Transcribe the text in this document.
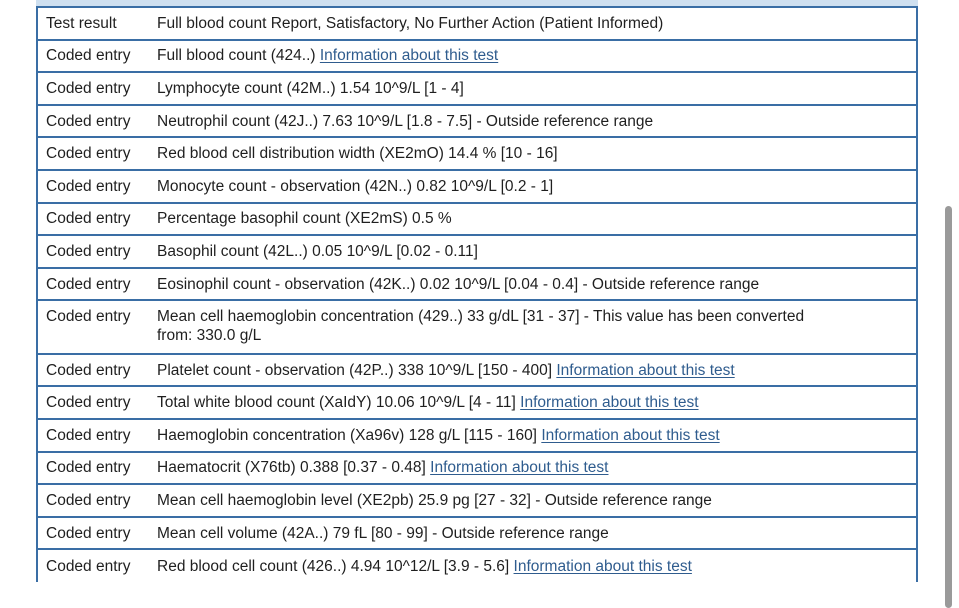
Test result	Full blood count Report, Satisfactory, No Further Action (Patient Informed)
Coded entry	Full blood count (424..) Information about this test
Coded entry	Lymphocyte count (42M..) 1.54 10^9/L [1 - 4]
Coded entry	Neutrophil count (42J..) 7.63 10^9/L [1.8 - 7.5] - Outside reference range
Coded entry	Red blood cell distribution width (XE2mO) 14.4 % [10 - 16]
Coded entry	Monocyte count - observation (42N..) 0.82 10^9/L [0.2 - 1]
Coded entry	Percentage basophil count (XE2mS) 0.5 %
Coded entry	Basophil count (42L..) 0.05 10^9/L [0.02 - 0.11]
Coded entry	Eosinophil count - observation (42K..) 0.02 10^9/L [0.04 - 0.4] - Outside reference range
Coded entry	Mean cell haemoglobin concentration (429..) 33 g/dL [31 - 37] - This value has been converted from: 330.0 g/L
Coded entry	Platelet count - observation (42P..) 338 10^9/L [150 - 400] Information about this test
Coded entry	Total white blood count (XaIdY) 10.06 10^9/L [4 - 11] Information about this test
Coded entry	Haemoglobin concentration (Xa96v) 128 g/L [115 - 160] Information about this test
Coded entry	Haematocrit (X76tb) 0.388 [0.37 - 0.48] Information about this test
Coded entry	Mean cell haemoglobin level (XE2pb) 25.9 pg [27 - 32] - Outside reference range
Coded entry	Mean cell volume (42A..) 79 fL [80 - 99] - Outside reference range
Coded entry	Red blood cell count (426..) 4.94 10^12/L [3.9 - 5.6] Information about this test
